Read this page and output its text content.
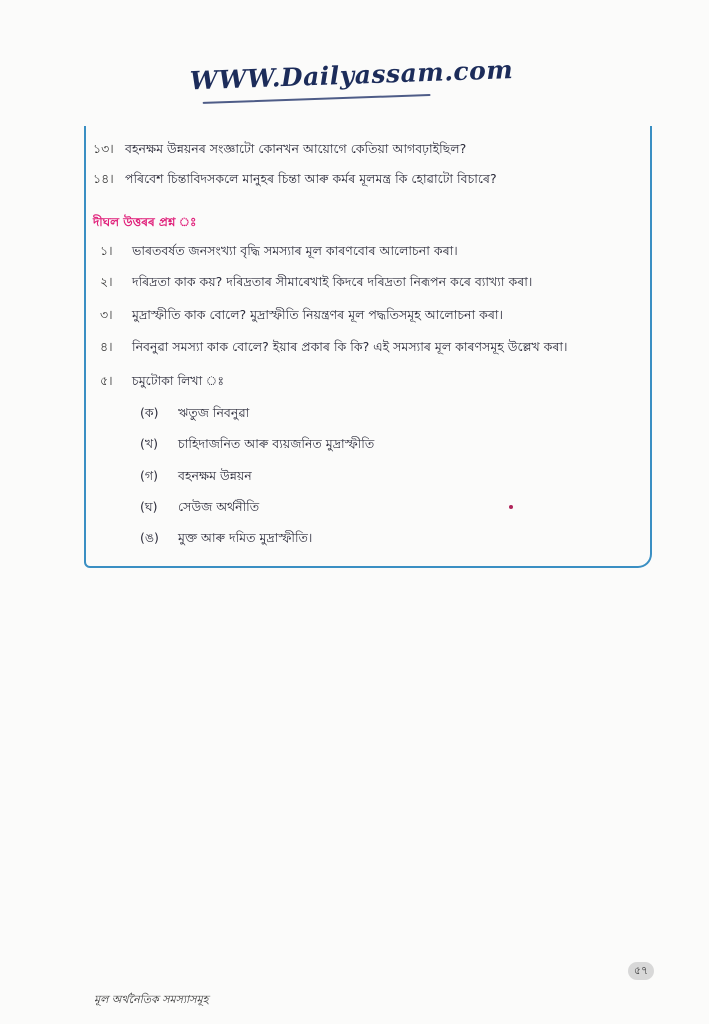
WWW.Dailyassam.com
১৩। বহনক্ষম উন্নয়নৰ সংজ্ঞাটো কোনখন আয়োগে কেতিয়া আগবঢ়াইছিল?
১৪। পৰিবেশ চিন্তাবিদসকলে মানুহৰ চিন্তা আৰু কৰ্মৰ মূলমন্ত্ৰ কি হোৱাটো বিচাৰে?
দীঘল উত্তৰৰ প্ৰশ্ন ঃ
১। ভাৰতবৰ্ষত জনসংখ্যা বৃদ্ধি সমস্যাৰ মূল কাৰণবোৰ আলোচনা কৰা।
২। দৰিদ্ৰতা কাক কয়? দৰিদ্ৰতাৰ সীমাৰেখাই কিদৰে দৰিদ্ৰতা নিৰূপন কৰে ব্যাখ্যা কৰা।
৩। মুদ্ৰাস্ফীতি কাক বোলে? মুদ্ৰাস্ফীতি নিয়ন্ত্ৰণৰ মূল পদ্ধতিসমূহ আলোচনা কৰা।
৪। নিবনুৱা সমস্যা কাক বোলে? ইয়াৰ প্ৰকাৰ কি কি? এই সমস্যাৰ মূল কাৰণসমূহ উল্লেখ কৰা।
৫। চমুটোকা লিখা ঃ
(ক) ঋতুজ নিবনুৱা
(খ) চাহিদাজনিত আৰু ব্যয়জনিত মুদ্ৰাস্ফীতি
(গ) বহনক্ষম উন্নয়ন
(ঘ) সেউজ অৰ্থনীতি
(ঙ) মুক্ত আৰু দমিত মুদ্ৰাস্ফীতি।
৫৭
মূল অৰ্থনৈতিক সমস্যাসমূহ
